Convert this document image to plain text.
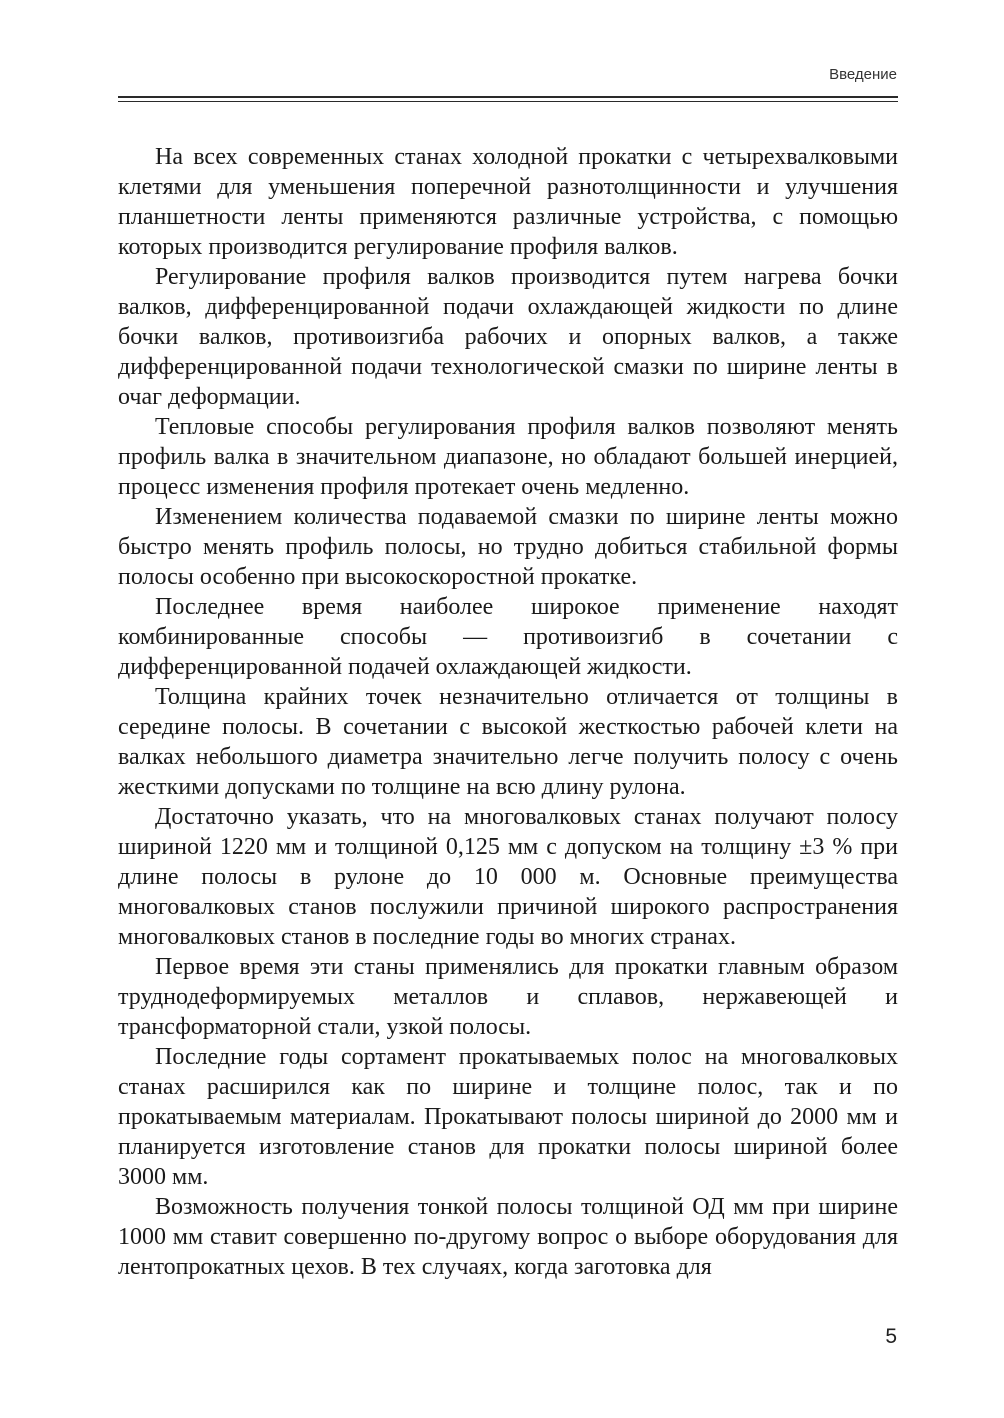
Введение

На всех современных станах холодной прокатки с четырехвалковыми клетями для уменьшения поперечной разнотолщинности и улучшения планшетности ленты применяются различные устройства, с помощью которых производится регулирование профиля валков.

Регулирование профиля валков производится путем нагрева бочки валков, дифференцированной подачи охлаждающей жидкости по длине бочки валков, противоизгиба рабочих и опорных валков, а также дифференцированной подачи технологической смазки по ширине ленты в очаг деформации.

Тепловые способы регулирования профиля валков позволяют менять профиль валка в значительном диапазоне, но обладают большей инерцией, процесс изменения профиля протекает очень медленно.

Изменением количества подаваемой смазки по ширине ленты можно быстро менять профиль полосы, но трудно добиться стабильной формы полосы особенно при высокоскоростной прокатке.

Последнее время наиболее широкое применение находят комбинированные способы — противоизгиб в сочетании с дифференцированной подачей охлаждающей жидкости.

Толщина крайних точек незначительно отличается от толщины в середине полосы. В сочетании с высокой жесткостью рабочей клети на валках небольшого диаметра значительно легче получить полосу с очень жесткими допусками по толщине на всю длину рулона.

Достаточно указать, что на многовалковых станах получают полосу шириной 1220 мм и толщиной 0,125 мм с допуском на толщину ±3 % при длине полосы в рулоне до 10 000 м. Основные преимущества многовалковых станов послужили причиной широкого распространения многовалковых станов в последние годы во многих странах.

Первое время эти станы применялись для прокатки главным образом труднодеформируемых металлов и сплавов, нержавеющей и трансформаторной стали, узкой полосы.

Последние годы сортамент прокатываемых полос на многовалковых станах расширился как по ширине и толщине полос, так и по прокатываемым материалам. Прокатывают полосы шириной до 2000 мм и планируется изготовление станов для прокатки полосы шириной более 3000 мм.

Возможность получения тонкой полосы толщиной ОД мм при ширине 1000 мм ставит совершенно по-другому вопрос о выборе оборудования для лентопрокатных цехов. В тех случаях, когда заготовка для

5
